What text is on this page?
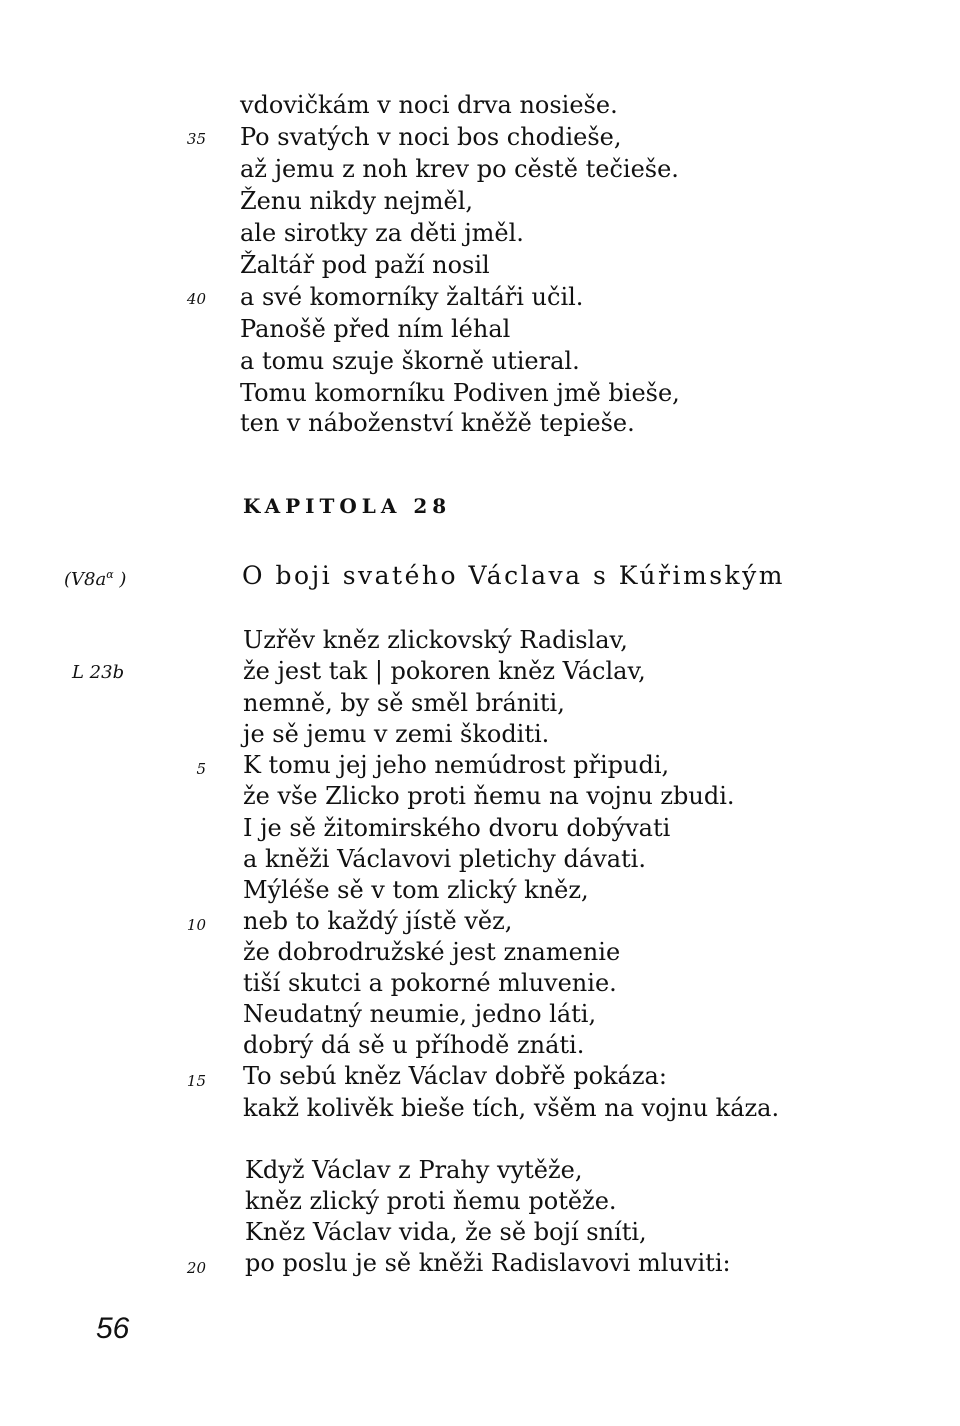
vdovičkám v noci drva nosieše.
Po svatých v noci bos chodieše,
až jemu z noh krev po cěstě tečieše.
Ženu nikdy nejměl,
ale sirotky za děti jměl.
Žaltář pod paží nosil
a své komorníky žaltáři učil.
Panošě před ním léhal
a tomu szuje škorně utieral.
Tomu komorníku Podiven jmě bieše,
ten v náboženství kněžě tepieše.
35
40
KAPITOLA 28
($V8a^\alpha$ )	O boji svatého Václava s Kúřimským
L 23b
Uzřěv kněz zlickovský Radislav,
že jest tak | pokoren kněz Václav,
nemně, by sě směl brániti,
je sě jemu v zemi škoditi.
K tomu jej jeho nemúdrost připudi,
že vše Zlicko proti ňemu na vojnu zbudi.
I je sě žitomirského dvoru dobývati
a kněži Václavovi pletichy dávati.
Mýléše sě v tom zlický kněz,
neb to každý jístě věz,
že dobrodružské jest znamenie
tiší skutci a pokorné mluvenie.
Neudatný neumie, jedno láti,
dobrý dá sě u příhodě znáti.
To sebú kněz Václav dobřě pokáza:
kakž kolivěk bieše tích, všěm na vojnu káza.
Když Václav z Prahy vytěže,
kněz zlický proti ňemu potěže.
Kněz Václav vida, že sě bojí sníti,
po poslu je sě kněži Radislavovi mluviti:
5
10
15
20
56
